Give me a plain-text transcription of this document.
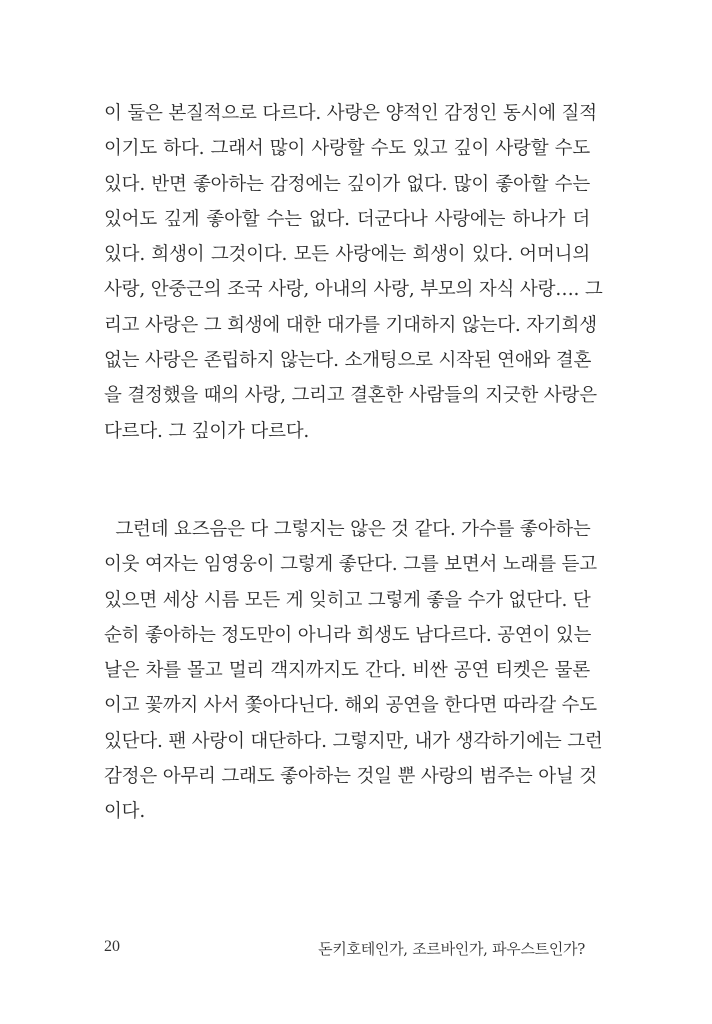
이 둘은 본질적으로 다르다. 사랑은 양적인 감정인 동시에 질적
이기도 하다. 그래서 많이 사랑할 수도 있고 깊이 사랑할 수도
있다. 반면 좋아하는 감정에는 깊이가 없다. 많이 좋아할 수는
있어도 깊게 좋아할 수는 없다. 더군다나 사랑에는 하나가 더
있다. 희생이 그것이다. 모든 사랑에는 희생이 있다. 어머니의
사랑, 안중근의 조국 사랑, 아내의 사랑, 부모의 자식 사랑…. 그
리고 사랑은 그 희생에 대한 대가를 기대하지 않는다. 자기희생
없는 사랑은 존립하지 않는다. 소개팅으로 시작된 연애와 결혼
을 결정했을 때의 사랑, 그리고 결혼한 사람들의 지긋한 사랑은
다르다. 그 깊이가 다르다.
그런데 요즈음은 다 그렇지는 않은 것 같다. 가수를 좋아하는
이웃 여자는 임영웅이 그렇게 좋단다. 그를 보면서 노래를 듣고
있으면 세상 시름 모든 게 잊히고 그렇게 좋을 수가 없단다. 단
순히 좋아하는 정도만이 아니라 희생도 남다르다. 공연이 있는
날은 차를 몰고 멀리 객지까지도 간다. 비싼 공연 티켓은 물론
이고 꽃까지 사서 쫓아다닌다. 해외 공연을 한다면 따라갈 수도
있단다. 팬 사랑이 대단하다. 그렇지만, 내가 생각하기에는 그런
감정은 아무리 그래도 좋아하는 것일 뿐 사랑의 범주는 아닐 것
이다.
20	돈키호테인가, 조르바인가, 파우스트인가?
